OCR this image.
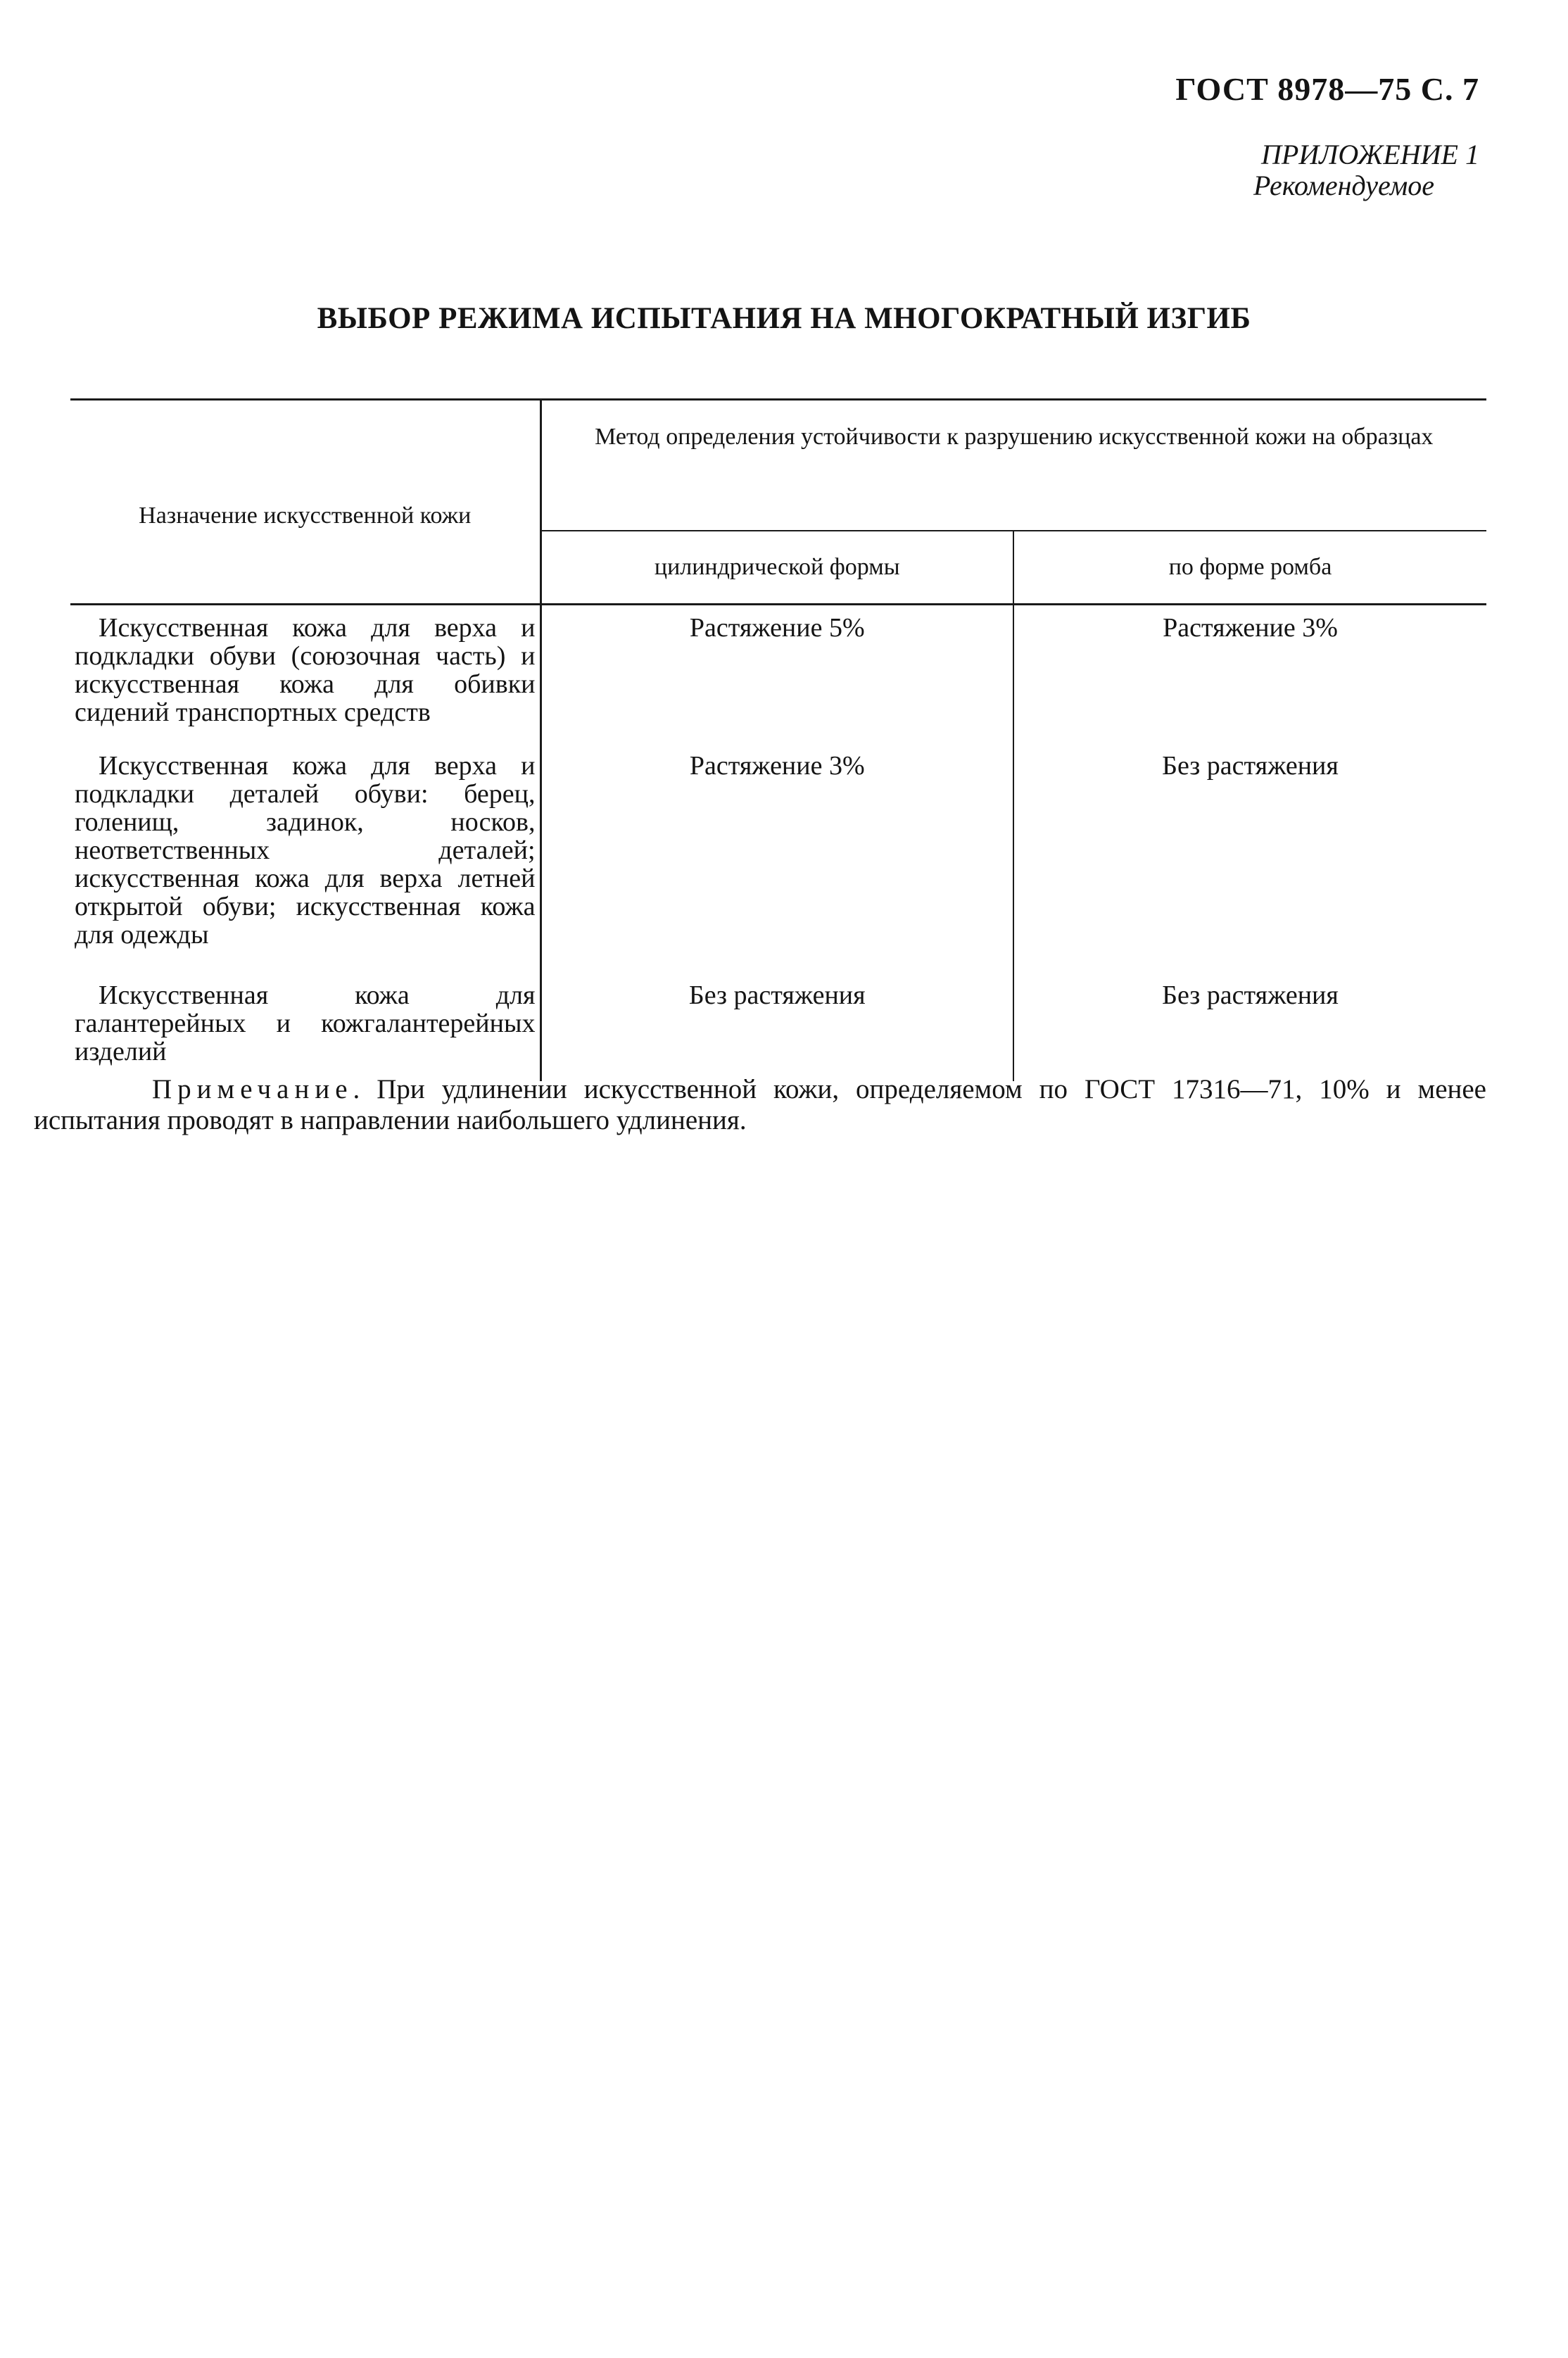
ГОСТ 8978—75 С. 7
ПРИЛОЖЕНИЕ 1
Рекомендуемое
ВЫБОР РЕЖИМА ИСПЫТАНИЯ НА МНОГОКРАТНЫЙ ИЗГИБ
Назначение искусственной кожи	Метод определения устойчивости к разрушению искусственной кожи на образцах	
	цилиндрической формы	по форме ромба
Искусственная кожа для верха и подкладки обуви (союзочная часть) и искусственная кожа для обивки сидений транспортных средств	Растяжение 5%	Растяжение 3%
Искусственная кожа для верха и подкладки деталей обуви: берец, голенищ, задинок, носков, неответственных деталей; искусственная кожа для верха летней открытой обуви; искусственная кожа для одежды	Растяжение 3%	Без растяжения
Искусственная кожа для галантерейных и кожгалантерейных изделий	Без растяжения	Без растяжения
Примечание. При удлинении искусственной кожи, определяемом по ГОСТ 17316—71, 10% и менее испытания проводят в направлении наибольшего удлинения.
